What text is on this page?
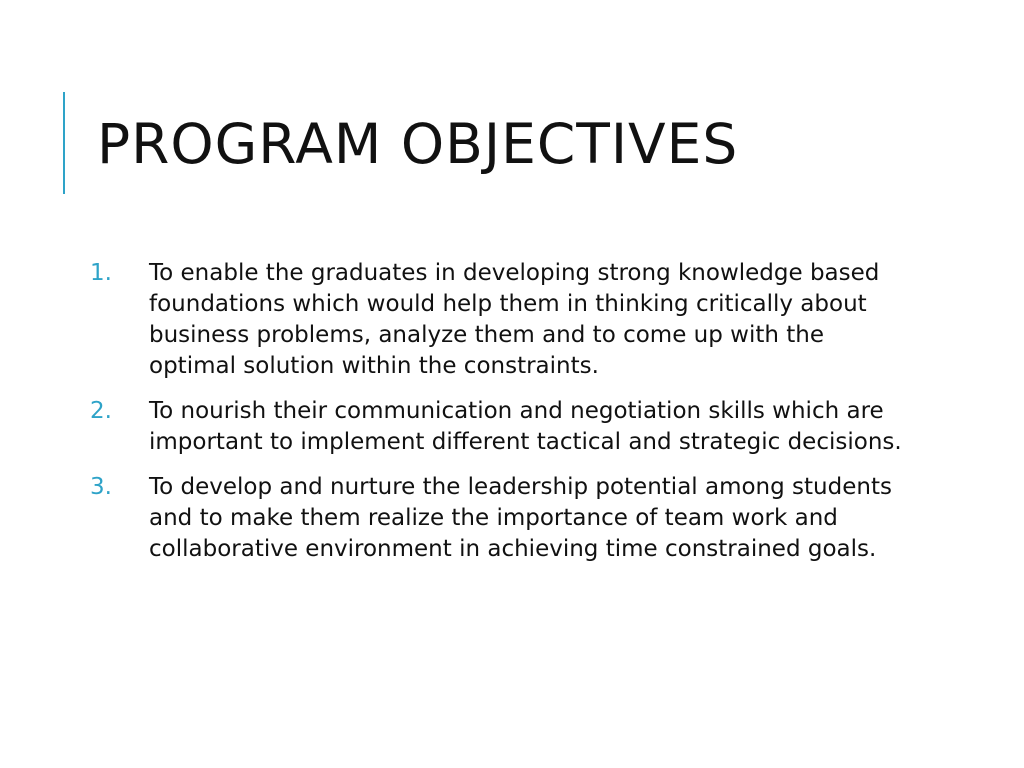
PROGRAM OBJECTIVES
1. To enable the graduates in developing strong knowledge based foundations which would help them in thinking critically about business problems, analyze them and to come up with the optimal solution within the constraints.
2. To nourish their communication and negotiation skills which are important to implement different tactical and strategic decisions.
3. To develop and nurture the leadership potential among students and to make them realize the importance of team work and collaborative environment in achieving time constrained goals.
